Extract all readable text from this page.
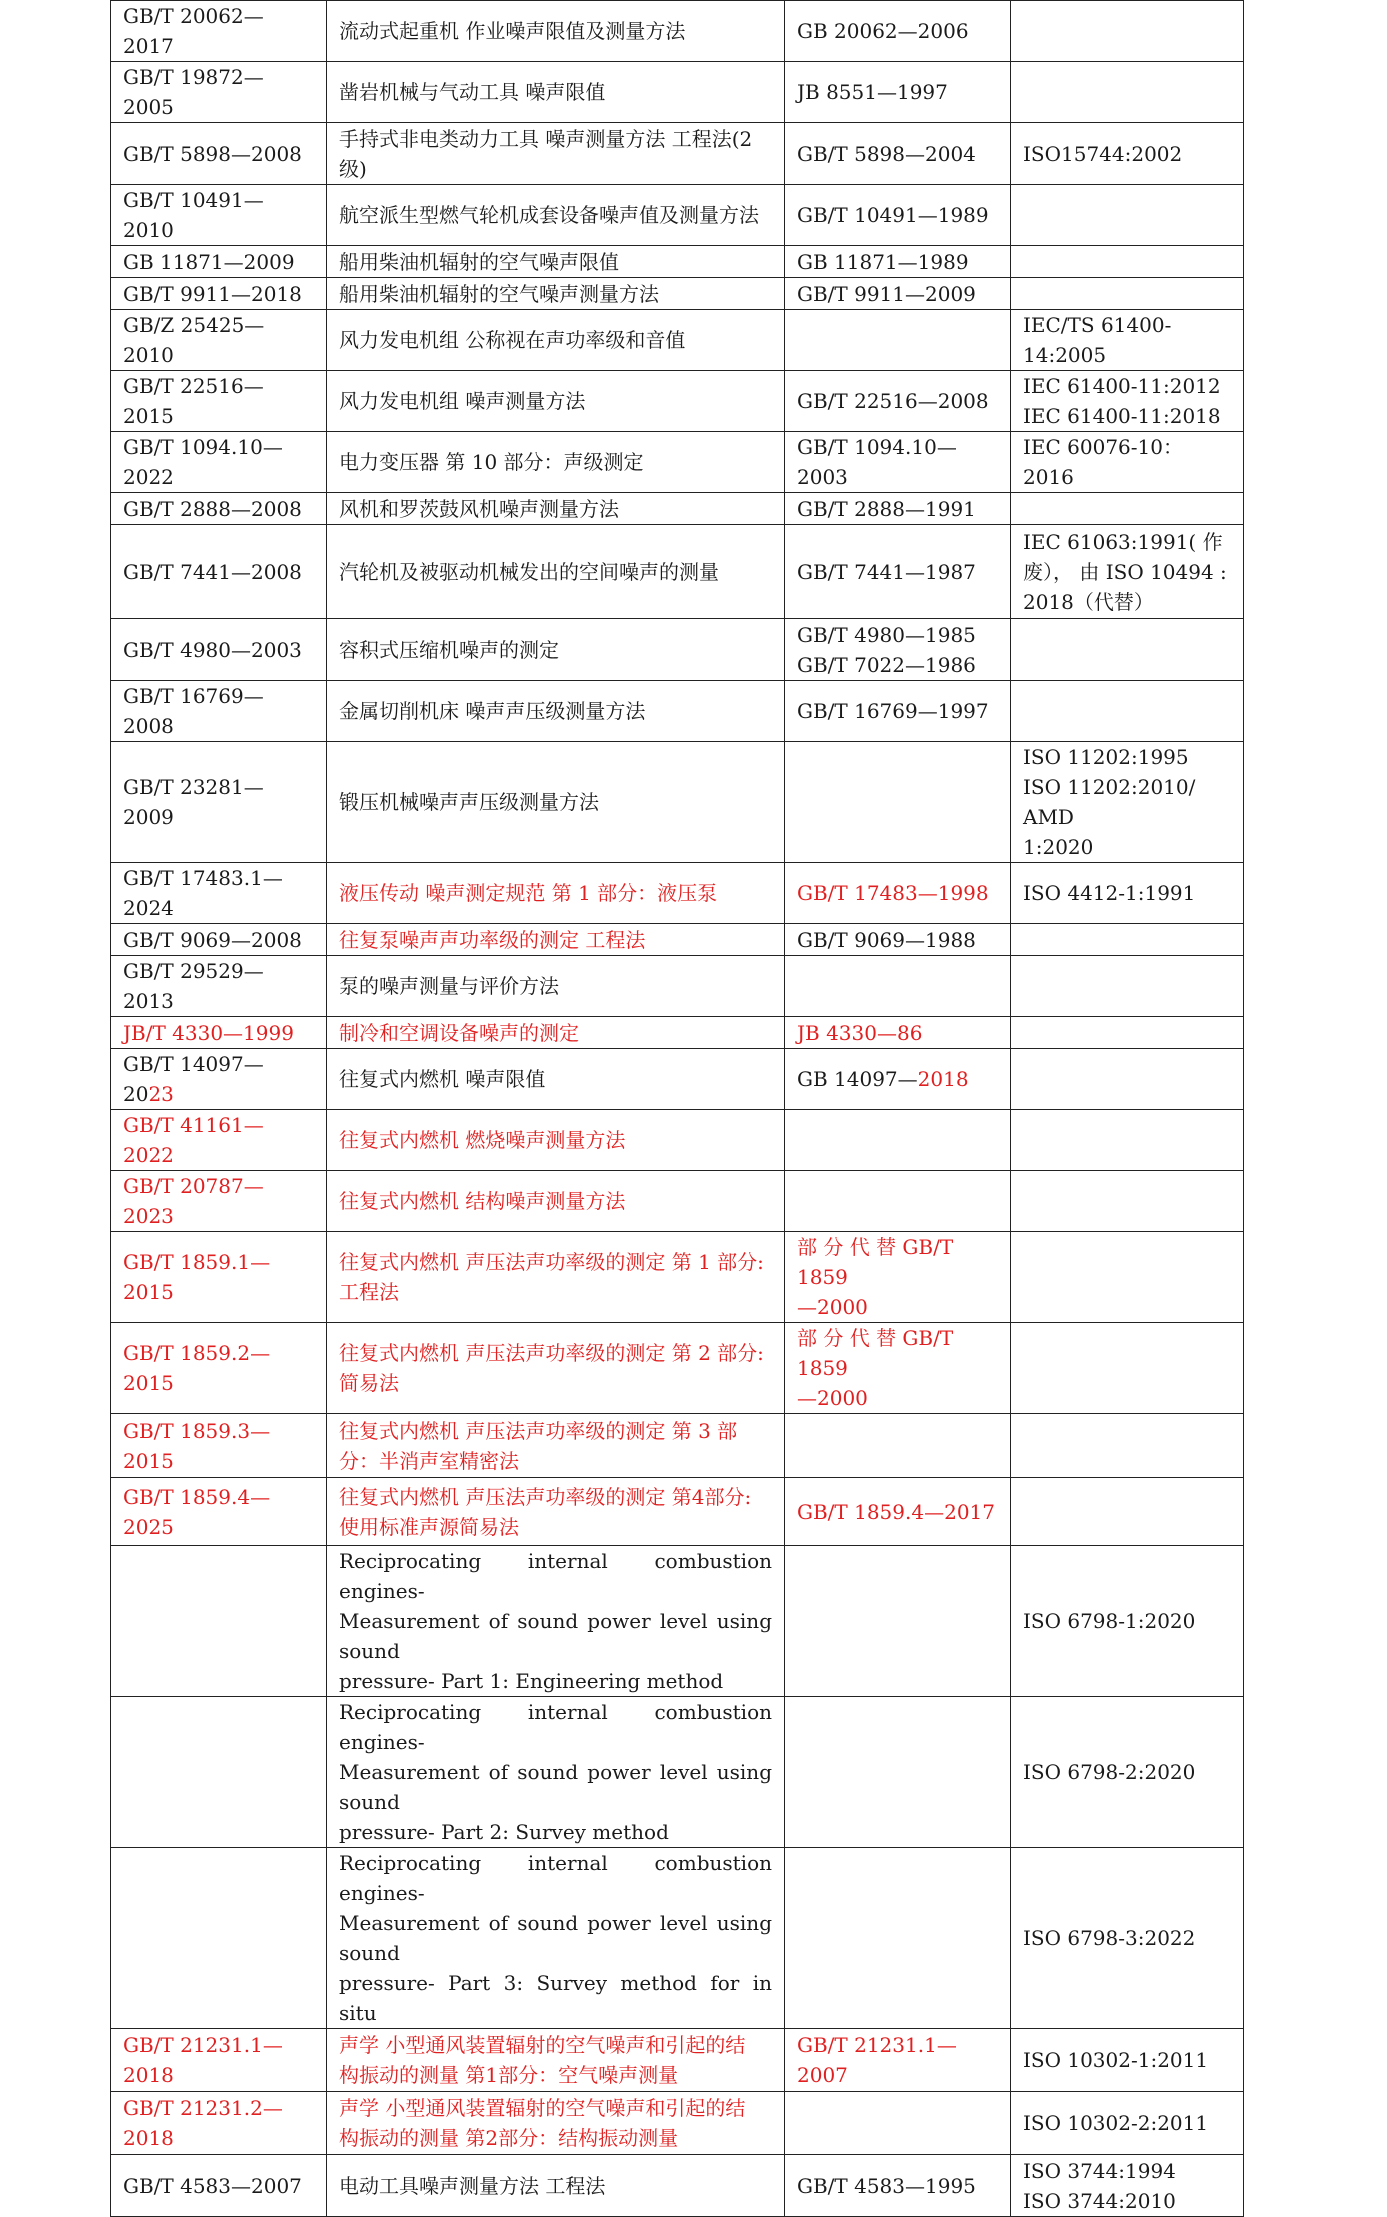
GB/T 20062—2017	流动式起重机 作业噪声限值及测量方法	GB 20062—2006	

GB/T 19872—2005	凿岩机械与气动工具 噪声限值	JB 8551—1997	

GB/T 5898—2008	手持式非电类动力工具 噪声测量方法 工程法(2
级)	GB/T 5898—2004	ISO15744:2002

GB/T 10491—2010	航空派生型燃气轮机成套设备噪声值及测量方法	GB/T 10491—1989	

GB 11871—2009	船用柴油机辐射的空气噪声限值	GB 11871—1989	

GB/T 9911—2018	船用柴油机辐射的空气噪声测量方法	GB/T 9911—2009	

GB/Z 25425—2010	风力发电机组 公称视在声功率级和音值		IEC/TS 61400-14:2005

GB/T 22516—2015	风力发电机组 噪声测量方法	GB/T 22516—2008	IEC 61400-11:2012
IEC 61400-11:2018

GB/T 1094.10—2022	电力变压器 第 10 部分：声级测定	GB/T 1094.10—2003	IEC 60076-10：2016

GB/T 2888—2008	风机和罗茨鼓风机噪声测量方法	GB/T 2888—1991	

GB/T 7441—2008	汽轮机及被驱动机械发出的空间噪声的测量	GB/T 7441—1987	IEC 61063:1991( 作
废）， 由 ISO 10494 :
2018（代替）

GB/T 4980—2003	容积式压缩机噪声的测定	GB/T 4980—1985
GB/T 7022—1986	

GB/T 16769—2008	金属切削机床 噪声声压级测量方法	GB/T 16769—1997	

GB/T 23281—2009	锻压机械噪声声压级测量方法		ISO 11202:1995
ISO 11202:2010/ AMD
1:2020

GB/T 17483.1—2024	液压传动 噪声测定规范 第 1 部分：液压泵	GB/T 17483—1998	ISO 4412-1:1991

GB/T 9069—2008	往复泵噪声声功率级的测定 工程法	GB/T 9069—1988	

GB/T 29529—2013	泵的噪声测量与评价方法		

JB/T 4330—1999	制冷和空调设备噪声的测定	JB 4330—86	

GB/T 14097—2023	往复式内燃机 噪声限值	GB 14097—2018	

GB/T 41161—2022	往复式内燃机 燃烧噪声测量方法		

GB/T 20787—2023	往复式内燃机 结构噪声测量方法		

GB/T 1859.1—2015	往复式内燃机 声压法声功率级的测定 第 1 部分:
工程法	部 分 代 替 GB/T 1859
—2000	

GB/T 1859.2—2015	往复式内燃机 声压法声功率级的测定 第 2 部分:
简易法	部 分 代 替 GB/T 1859
—2000	

GB/T 1859.3—2015	往复式内燃机 声压法声功率级的测定 第 3 部
分：半消声室精密法		

GB/T 1859.4—2025	往复式内燃机 声压法声功率级的测定 第4部分:
使用标准声源简易法	GB/T 1859.4—2017	

	Reciprocating internal combustion engines-
Measurement of sound power level using sound
pressure- Part 1: Engineering method		ISO 6798-1:2020

	Reciprocating internal combustion engines-
Measurement of sound power level using sound
pressure- Part 2: Survey method		ISO 6798-2:2020

	Reciprocating internal combustion engines-
Measurement of sound power level using sound
pressure- Part 3: Survey method for in situ		ISO 6798-3:2022

GB/T 21231.1—2018	声学 小型通风装置辐射的空气噪声和引起的结
构振动的测量 第1部分：空气噪声测量	GB/T 21231.1—2007	ISO 10302-1:2011

GB/T 21231.2—2018	声学 小型通风装置辐射的空气噪声和引起的结
构振动的测量 第2部分：结构振动测量		ISO 10302-2:2011

GB/T 4583—2007	电动工具噪声测量方法 工程法	GB/T 4583—1995	ISO 3744:1994
ISO 3744:2010
